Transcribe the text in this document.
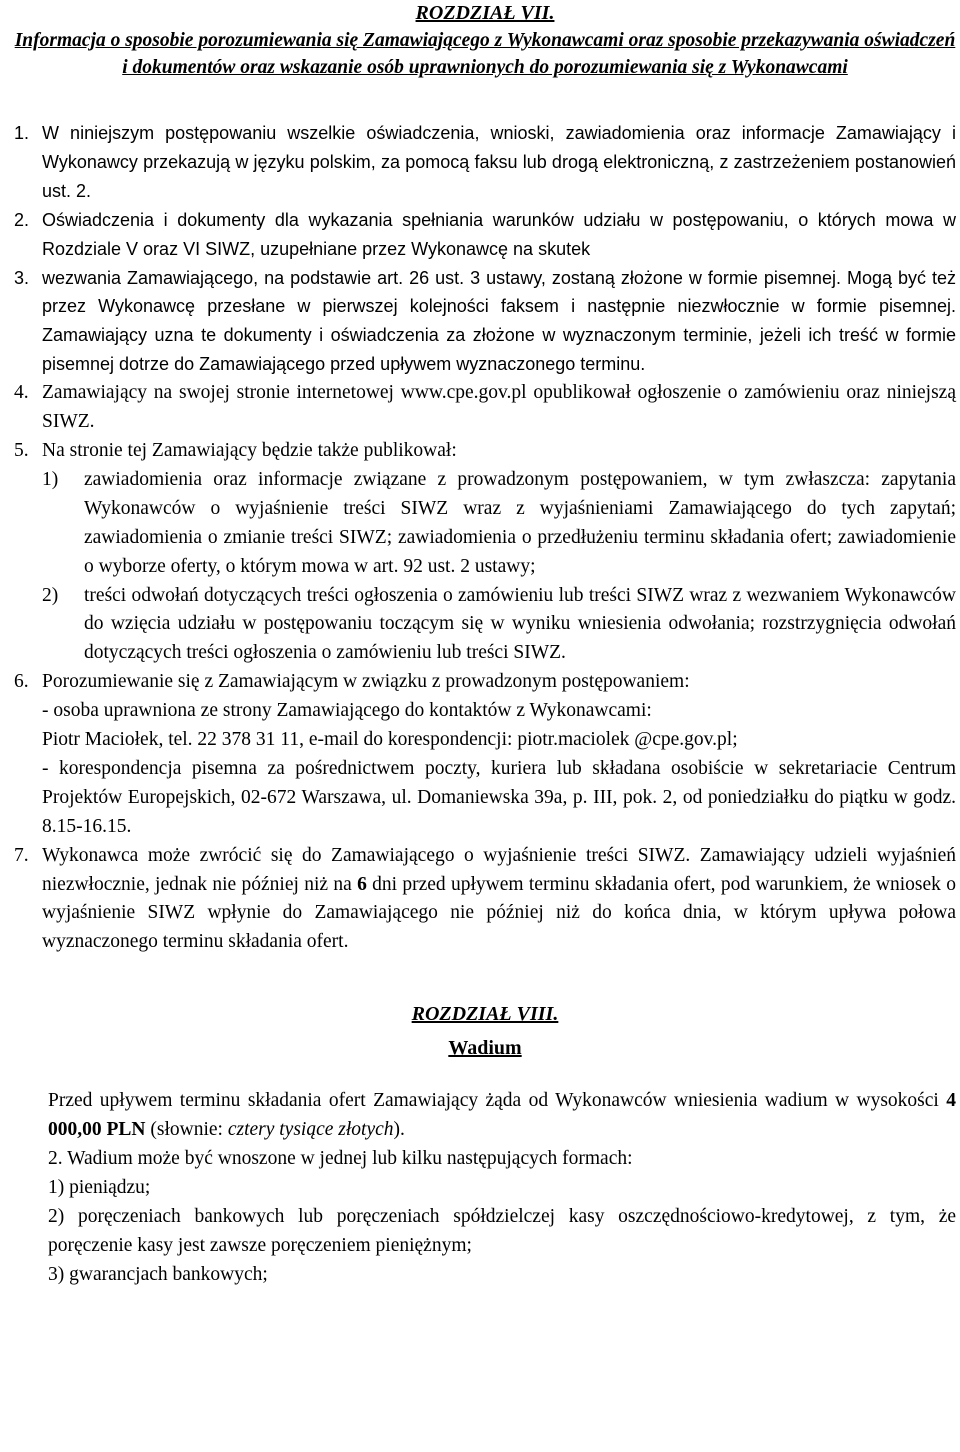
ROZDZIAŁ VII.

Informacja o sposobie porozumiewania się Zamawiającego z Wykonawcami oraz sposobie przekazywania oświadczeń i dokumentów oraz wskazanie osób uprawnionych do porozumiewania się z Wykonawcami

1. W niniejszym postępowaniu wszelkie oświadczenia, wnioski, zawiadomienia oraz informacje Zamawiający i Wykonawcy przekazują w języku polskim, za pomocą faksu lub drogą elektroniczną, z zastrzeżeniem postanowień ust. 2.

2. Oświadczenia i dokumenty dla wykazania spełniania warunków udziału w postępowaniu, o których mowa w Rozdziale V oraz VI SIWZ, uzupełniane przez Wykonawcę na skutek

3. wezwania Zamawiającego, na podstawie art. 26 ust. 3 ustawy, zostaną złożone w formie pisemnej. Mogą być też przez Wykonawcę przesłane w pierwszej kolejności faksem i następnie niezwłocznie w formie pisemnej. Zamawiający uzna te dokumenty i oświadczenia za złożone w wyznaczonym terminie, jeżeli ich treść w formie pisemnej dotrze do Zamawiającego przed upływem wyznaczonego terminu.

4. Zamawiający na swojej stronie internetowej www.cpe.gov.pl opublikował ogłoszenie o zamówieniu oraz niniejszą SIWZ.

5. Na stronie tej Zamawiający będzie także publikował:

1) zawiadomienia oraz informacje związane z prowadzonym postępowaniem, w tym zwłaszcza: zapytania Wykonawców o wyjaśnienie treści SIWZ wraz z wyjaśnieniami Zamawiającego do tych zapytań; zawiadomienia o zmianie treści SIWZ; zawiadomienia o przedłużeniu terminu składania ofert; zawiadomienie o wyborze oferty, o którym mowa w art. 92 ust. 2 ustawy;

2) treści odwołań dotyczących treści ogłoszenia o zamówieniu lub treści SIWZ wraz z wezwaniem Wykonawców do wzięcia udziału w postępowaniu toczącym się w wyniku wniesienia odwołania; rozstrzygnięcia odwołań dotyczących treści ogłoszenia o zamówieniu lub treści SIWZ.

6. Porozumiewanie się z Zamawiającym w związku z prowadzonym postępowaniem:

- osoba uprawniona ze strony Zamawiającego do kontaktów z Wykonawcami:

Piotr Maciołek, tel. 22 378 31 11, e-mail do korespondencji: piotr.maciolek @cpe.gov.pl;

- korespondencja pisemna za pośrednictwem poczty, kuriera lub składana osobiście w sekretariacie Centrum Projektów Europejskich, 02-672 Warszawa, ul. Domaniewska 39a, p. III, pok. 2, od poniedziałku do piątku w godz. 8.15-16.15.

7. Wykonawca może zwrócić się do Zamawiającego o wyjaśnienie treści SIWZ. Zamawiający udzieli wyjaśnień niezwłocznie, jednak nie później niż na 6 dni przed upływem terminu składania ofert, pod warunkiem, że wniosek o wyjaśnienie SIWZ wpłynie do Zamawiającego nie później niż do końca dnia, w którym upływa połowa wyznaczonego terminu składania ofert.

ROZDZIAŁ VIII.

Wadium

Przed upływem terminu składania ofert Zamawiający żąda od Wykonawców wniesienia wadium w wysokości 4 000,00 PLN (słownie: cztery tysiące złotych).

2. Wadium może być wnoszone w jednej lub kilku następujących formach:

1) pieniądzu;

2) poręczeniach bankowych lub poręczeniach spółdzielczej kasy oszczędnościowo-kredytowej, z tym, że poręczenie kasy jest zawsze poręczeniem pieniężnym;

3) gwarancjach bankowych;
